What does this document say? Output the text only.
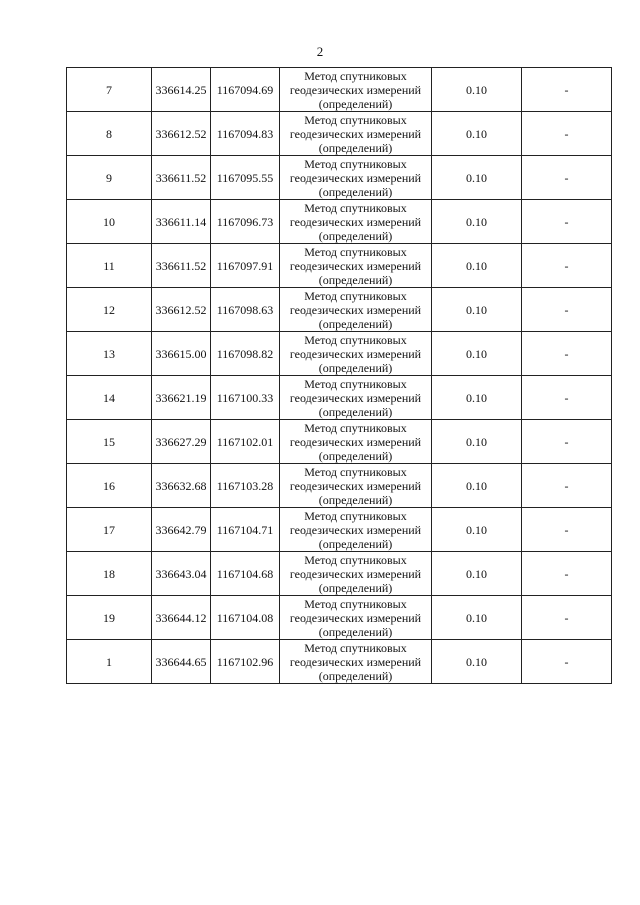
2
7	336614.25	1167094.69	Метод спутниковых
геодезических измерений
(определений)	0.10	-
8	336612.52	1167094.83	Метод спутниковых
геодезических измерений
(определений)	0.10	-
9	336611.52	1167095.55	Метод спутниковых
геодезических измерений
(определений)	0.10	-
10	336611.14	1167096.73	Метод спутниковых
геодезических измерений
(определений)	0.10	-
11	336611.52	1167097.91	Метод спутниковых
геодезических измерений
(определений)	0.10	-
12	336612.52	1167098.63	Метод спутниковых
геодезических измерений
(определений)	0.10	-
13	336615.00	1167098.82	Метод спутниковых
геодезических измерений
(определений)	0.10	-
14	336621.19	1167100.33	Метод спутниковых
геодезических измерений
(определений)	0.10	-
15	336627.29	1167102.01	Метод спутниковых
геодезических измерений
(определений)	0.10	-
16	336632.68	1167103.28	Метод спутниковых
геодезических измерений
(определений)	0.10	-
17	336642.79	1167104.71	Метод спутниковых
геодезических измерений
(определений)	0.10	-
18	336643.04	1167104.68	Метод спутниковых
геодезических измерений
(определений)	0.10	-
19	336644.12	1167104.08	Метод спутниковых
геодезических измерений
(определений)	0.10	-
1	336644.65	1167102.96	Метод спутниковых
геодезических измерений
(определений)	0.10	-
